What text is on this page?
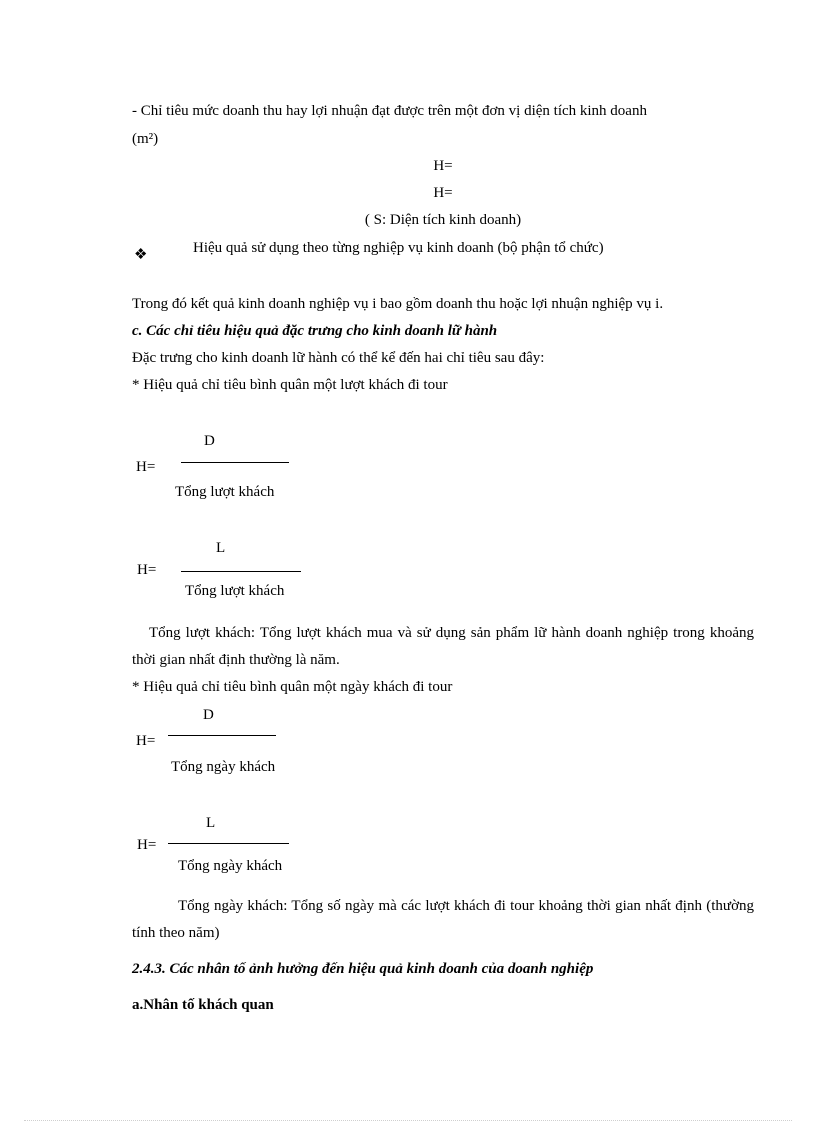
- Chỉ tiêu mức doanh thu hay lợi nhuận đạt được trên một đơn vị diện tích kinh doanh
(m²)
H=
H=
( S: Diện tích kinh doanh)
❖	Hiệu quả sử dụng theo từng nghiệp vụ kinh doanh (bộ phận tổ chức)
Trong đó kết quả kinh doanh nghiệp vụ i bao gồm doanh thu hoặc lợi nhuận nghiệp vụ i.
c. Các chỉ tiêu hiệu quả đặc trưng cho kinh doanh lữ hành
Đặc trưng cho kinh doanh lữ hành có thể kể đến hai chỉ tiêu sau đây:
* Hiệu quả chỉ tiêu bình quân một lượt khách đi tour
D
H=
Tổng lượt khách
L
H=
Tổng lượt khách
Tổng lượt khách: Tổng lượt khách mua và sử dụng sản phẩm lữ hành doanh nghiệp trong khoảng thời gian nhất định thường là năm.
* Hiệu quả chỉ tiêu bình quân một ngày khách đi tour
D
H=
Tổng ngày khách
L
H=
Tổng ngày khách
Tổng ngày khách: Tổng số ngày mà các lượt khách đi tour khoảng thời gian nhất định (thường tính theo năm)
2.4.3. Các nhân tố ảnh hưởng đến hiệu quả kinh doanh của doanh nghiệp
a.Nhân tố khách quan
